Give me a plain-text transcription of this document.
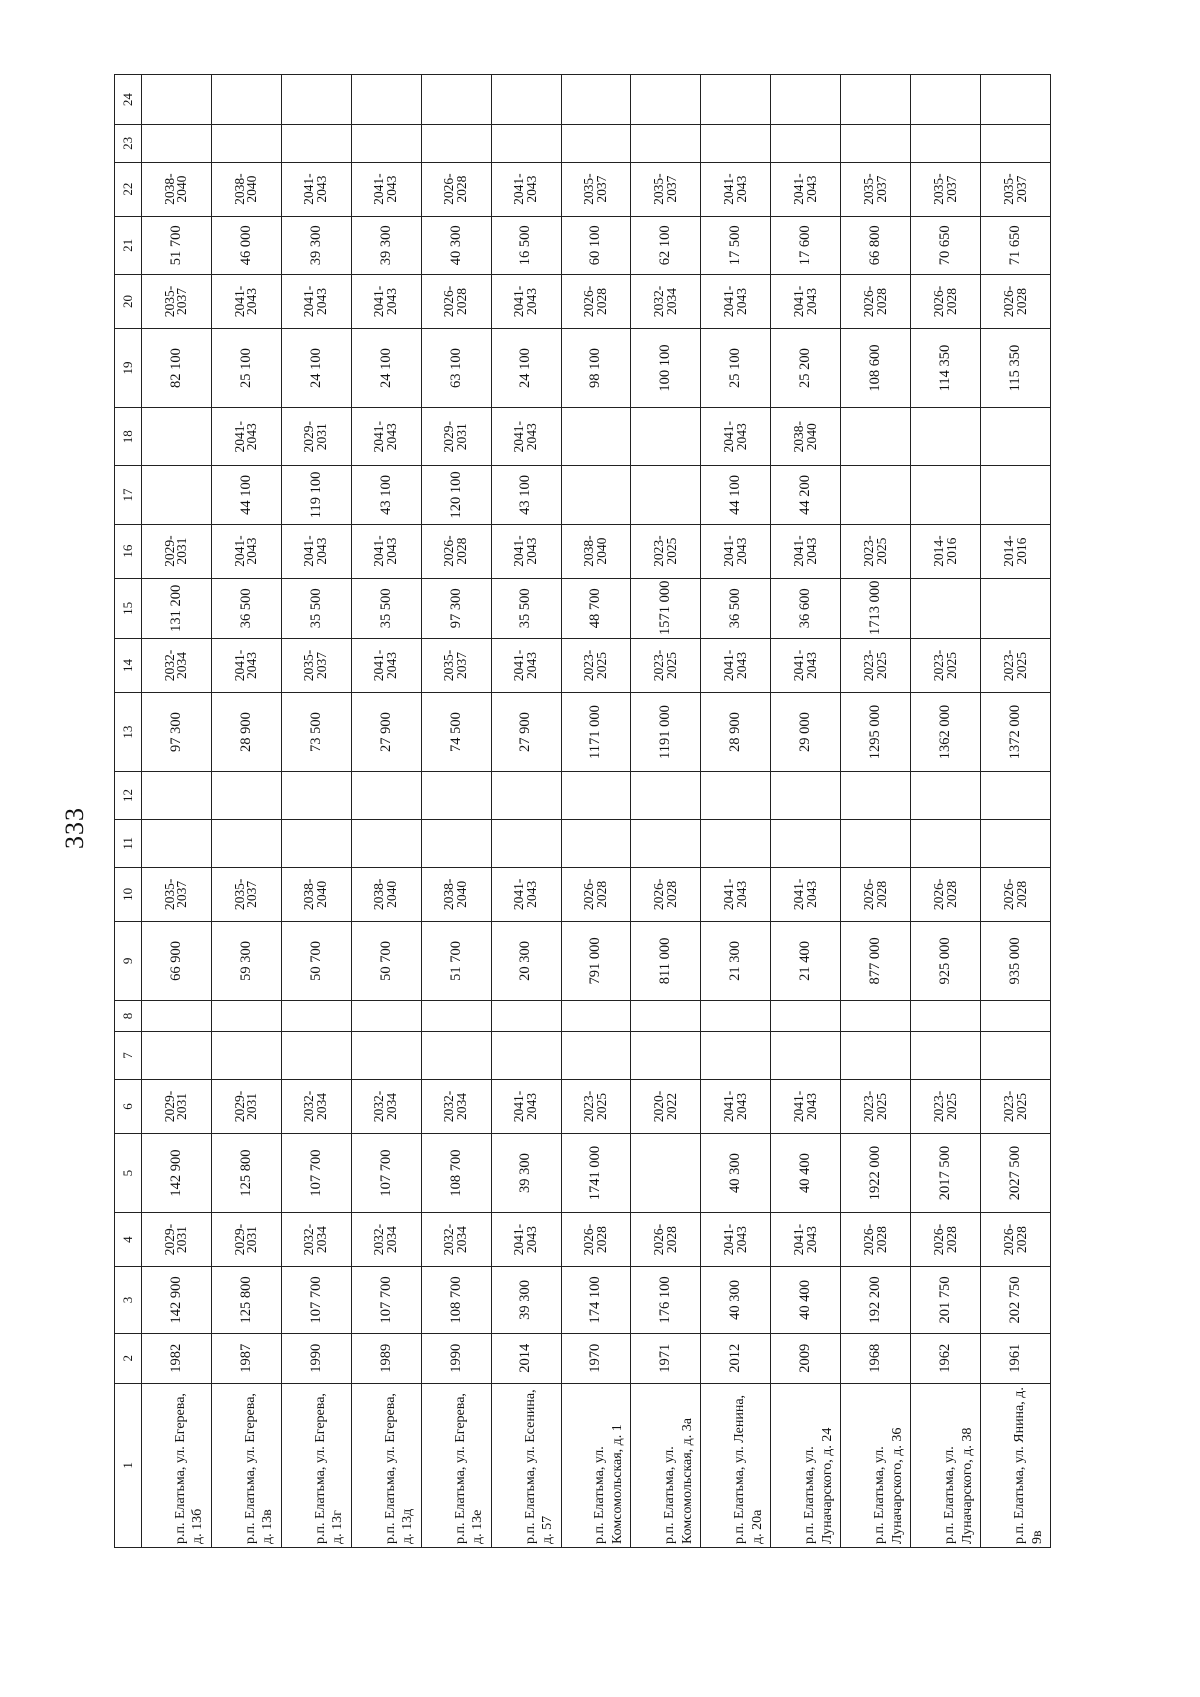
333
1	2	3	4	5	6	7	8	9	10	11	12	13	14	15	16	17	18	19	20	21	22	23	24
р.п. Елатьма, ул. Егерева, д. 13б	1982	142 900	2029-2031	142 900	2029-2031			66 900	2035-2037			97 300	2032-2034	131 200	2029-2031			82 100	2035-2037	51 700	2038-2040		
р.п. Елатьма, ул. Егерева, д. 13в	1987	125 800	2029-2031	125 800	2029-2031			59 300	2035-2037			28 900	2041-2043	36 500	2041-2043	44 100	2041-2043	25 100	2041-2043	46 000	2038-2040		
р.п. Елатьма, ул. Егерева, д. 13г	1990	107 700	2032-2034	107 700	2032-2034			50 700	2038-2040			73 500	2035-2037	35 500	2041-2043	119 100	2029-2031	24 100	2041-2043	39 300	2041-2043		
р.п. Елатьма, ул. Егерева, д. 13д	1989	107 700	2032-2034	107 700	2032-2034			50 700	2038-2040			27 900	2041-2043	35 500	2041-2043	43 100	2041-2043	24 100	2041-2043	39 300	2041-2043		
р.п. Елатьма, ул. Егерева, д. 13е	1990	108 700	2032-2034	108 700	2032-2034			51 700	2038-2040			74 500	2035-2037	97 300	2026-2028	120 100	2029-2031	63 100	2026-2028	40 300	2026-2028		
р.п. Елатьма, ул. Есенина, д. 57	2014	39 300	2041-2043	39 300	2041-2043			20 300	2041-2043			27 900	2041-2043	35 500	2041-2043	43 100	2041-2043	24 100	2041-2043	16 500	2041-2043		
р.п. Елатьма, ул. Комсомольская, д. 1	1970	174 100	2026-2028	1741 000	2023-2025			791 000	2026-2028			1171 000	2023-2025	48 700	2038-2040			98 100	2026-2028	60 100	2035-2037		
р.п. Елатьма, ул. Комсомольская, д. 3а	1971	176 100	2026-2028		2020-2022			811 000	2026-2028			1191 000	2023-2025	1571 000	2023-2025			100 100	2032-2034	62 100	2035-2037		
р.п. Елатьма, ул. Ленина, д. 20а	2012	40 300	2041-2043	40 300	2041-2043			21 300	2041-2043			28 900	2041-2043	36 500	2041-2043	44 100	2041-2043	25 100	2041-2043	17 500	2041-2043		
р.п. Елатьма, ул. Луначарского, д. 24	2009	40 400	2041-2043	40 400	2041-2043			21 400	2041-2043			29 000	2041-2043	36 600	2041-2043	44 200	2038-2040	25 200	2041-2043	17 600	2041-2043		
р.п. Елатьма, ул. Луначарского, д. 36	1968	192 200	2026-2028	1922 000	2023-2025			877 000	2026-2028			1295 000	2023-2025	1713 000	2023-2025			108 600	2026-2028	66 800	2035-2037		
р.п. Елатьма, ул. Луначарского, д. 38	1962	201 750	2026-2028	2017 500	2023-2025			925 000	2026-2028			1362 000	2023-2025		2014-2016			114 350	2026-2028	70 650	2035-2037		
р.п. Елатьма, ул. Янина, д. 9в	1961	202 750	2026-2028	2027 500	2023-2025			935 000	2026-2028			1372 000	2023-2025		2014-2016			115 350	2026-2028	71 650	2035-2037		
